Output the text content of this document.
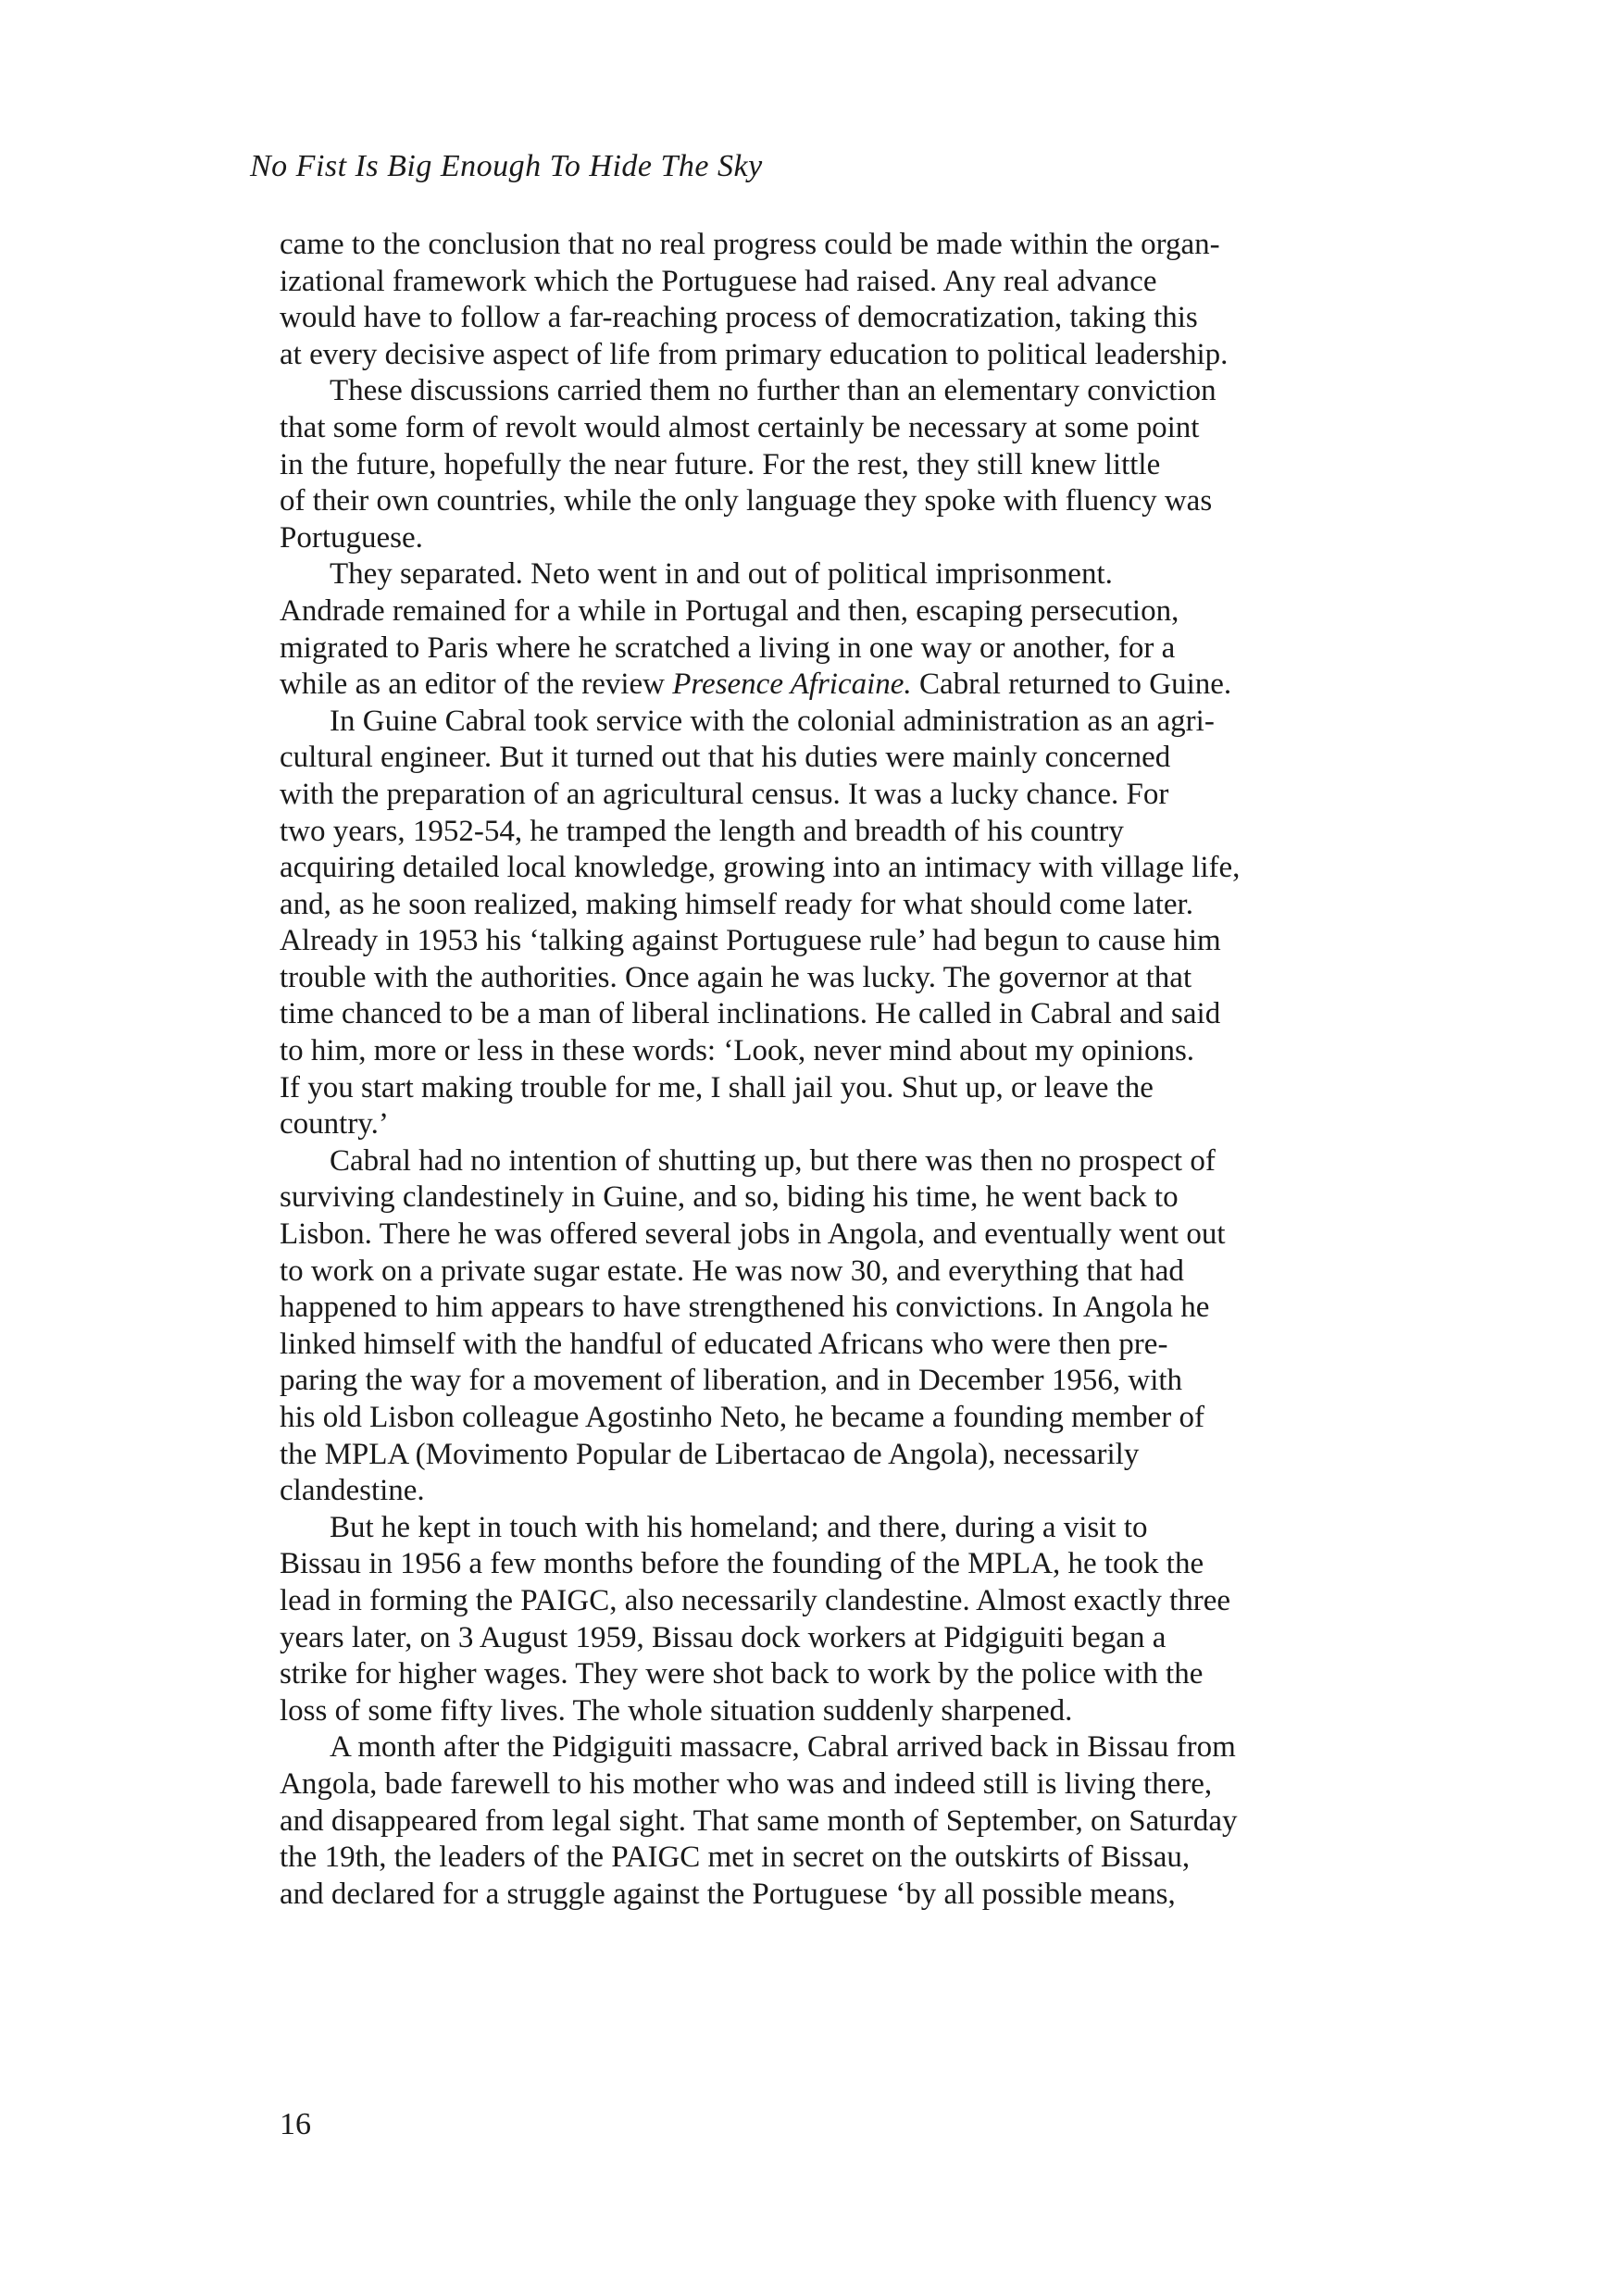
No Fist Is Big Enough To Hide The Sky
came to the conclusion that no real progress could be made within the organ-
izational framework which the Portuguese had raised. Any real advance
would have to follow a far-reaching process of democratization, taking this
at every decisive aspect of life from primary education to political leadership.
These discussions carried them no further than an elementary conviction
that some form of revolt would almost certainly be necessary at some point
in the future, hopefully the near future. For the rest, they still knew little
of their own countries, while the only language they spoke with fluency was
Portuguese.
They separated. Neto went in and out of political imprisonment.
Andrade remained for a while in Portugal and then, escaping persecution,
migrated to Paris where he scratched a living in one way or another, for a
while as an editor of the review Presence Africaine. Cabral returned to Guine.
In Guine Cabral took service with the colonial administration as an agri-
cultural engineer. But it turned out that his duties were mainly concerned
with the preparation of an agricultural census. It was a lucky chance. For
two years, 1952-54, he tramped the length and breadth of his country
acquiring detailed local knowledge, growing into an intimacy with village life,
and, as he soon realized, making himself ready for what should come later.
Already in 1953 his ‘talking against Portuguese rule’ had begun to cause him
trouble with the authorities. Once again he was lucky. The governor at that
time chanced to be a man of liberal inclinations. He called in Cabral and said
to him, more or less in these words: ‘Look, never mind about my opinions.
If you start making trouble for me, I shall jail you. Shut up, or leave the
country.’
Cabral had no intention of shutting up, but there was then no prospect of
surviving clandestinely in Guine, and so, biding his time, he went back to
Lisbon. There he was offered several jobs in Angola, and eventually went out
to work on a private sugar estate. He was now 30, and everything that had
happened to him appears to have strengthened his convictions. In Angola he
linked himself with the handful of educated Africans who were then pre-
paring the way for a movement of liberation, and in December 1956, with
his old Lisbon colleague Agostinho Neto, he became a founding member of
the MPLA (Movimento Popular de Libertacao de Angola), necessarily
clandestine.
But he kept in touch with his homeland; and there, during a visit to
Bissau in 1956 a few months before the founding of the MPLA, he took the
lead in forming the PAIGC, also necessarily clandestine. Almost exactly three
years later, on 3 August 1959, Bissau dock workers at Pidgiguiti began a
strike for higher wages. They were shot back to work by the police with the
loss of some fifty lives. The whole situation suddenly sharpened.
A month after the Pidgiguiti massacre, Cabral arrived back in Bissau from
Angola, bade farewell to his mother who was and indeed still is living there,
and disappeared from legal sight. That same month of September, on Saturday
the 19th, the leaders of the PAIGC met in secret on the outskirts of Bissau,
and declared for a struggle against the Portuguese ‘by all possible means,
16
